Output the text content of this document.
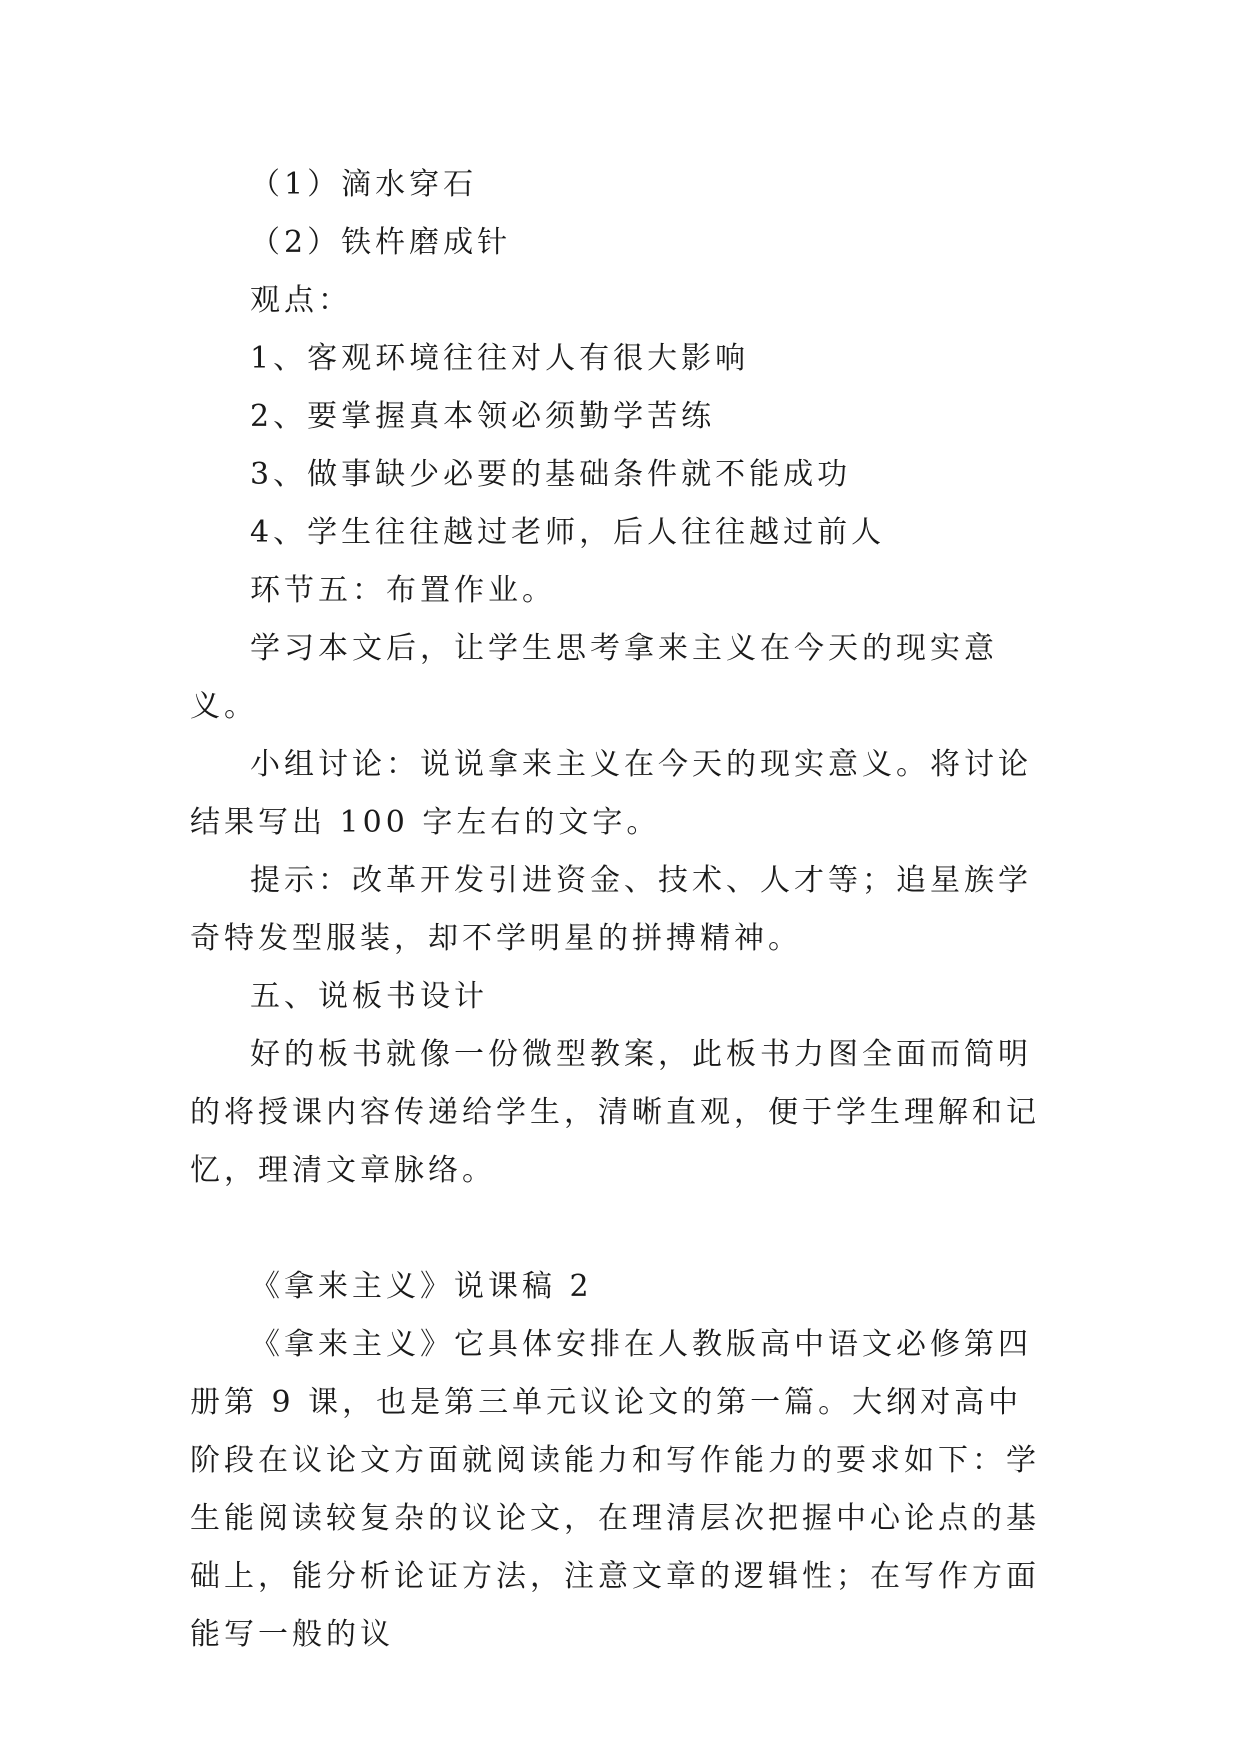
（1）滴水穿石

（2）铁杵磨成针

观点：

1、客观环境往往对人有很大影响

2、要掌握真本领必须勤学苦练

3、做事缺少必要的基础条件就不能成功

4、学生往往越过老师，后人往往越过前人

环节五：布置作业。

学习本文后，让学生思考拿来主义在今天的现实意义。

小组讨论：说说拿来主义在今天的现实意义。将讨论结果写出 100 字左右的文字。

提示：改革开发引进资金、技术、人才等；追星族学奇特发型服装，却不学明星的拼搏精神。

五、说板书设计

好的板书就像一份微型教案，此板书力图全面而简明的将授课内容传递给学生，清晰直观，便于学生理解和记忆，理清文章脉络。

《拿来主义》说课稿 2

《拿来主义》它具体安排在人教版高中语文必修第四册第 9 课，也是第三单元议论文的第一篇。大纲对高中阶段在议论文方面就阅读能力和写作能力的要求如下：学生能阅读较复杂的议论文，在理清层次把握中心论点的基础上，能分析论证方法，注意文章的逻辑性；在写作方面能写一般的议
